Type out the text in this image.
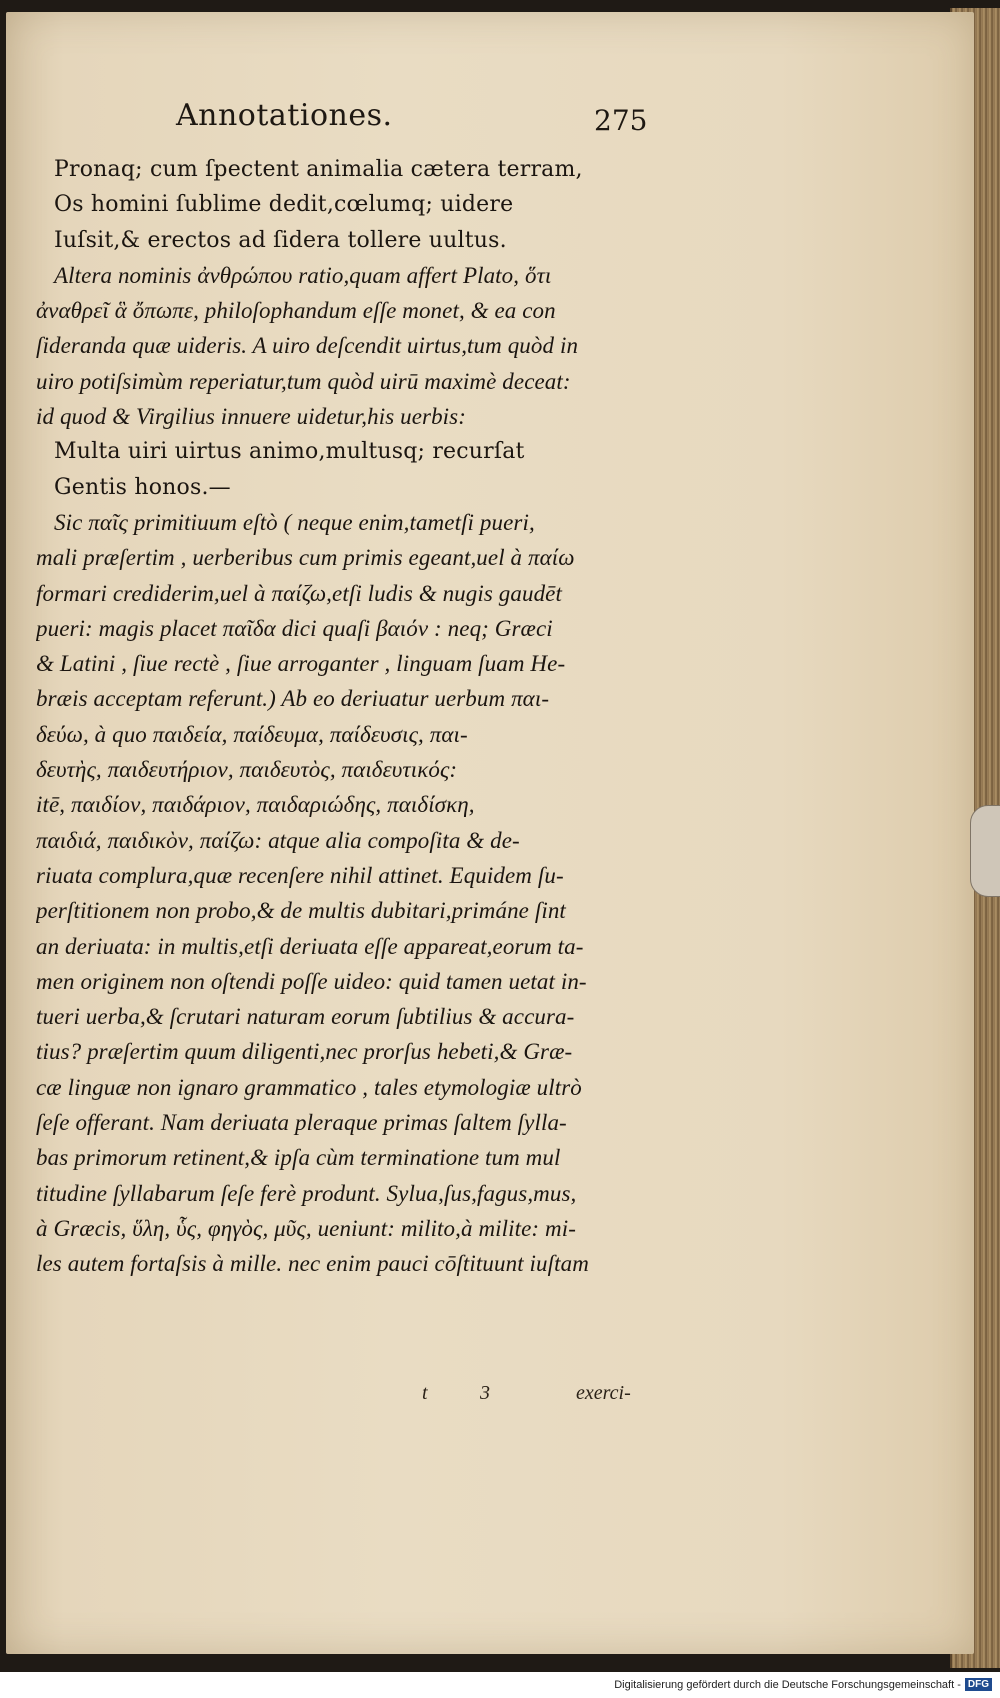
Annotationes.	275
Pronaq; cum ſpectent animalia cætera terram,
Os homini ſublime dedit,cœlumq; uidere
Iuſsit,& erectos ad ſidera tollere uultus.
Altera nominis ἀνθρώπου ratio,quam affert Plato, ὅτι
ἀναθρεῖ ἃ ὄπωπε, philoſophandum eſſe monet, & ea con
ſideranda quæ uideris. A uiro deſcendit uirtus,tum quòd in
uiro potiſsimùm reperiatur,tum quòd uirū maximè deceat:
id quod & Virgilius innuere uidetur,his uerbis:
Multa uiri uirtus animo,multusq; recurſat
Gentis honos.—
Sic παῖς primitiuum eſtò ( neque enim,tametſi pueri,
mali præſertim , uerberibus cum primis egeant,uel à παίω
formari crediderim,uel à παίζω,etſi ludis & nugis gaudēt
pueri: magis placet παῖδα dici quaſi βαιόν : neq; Græci
& Latini , ſiue rectè , ſiue arroganter , linguam ſuam He-
bræis acceptam referunt.) Ab eo deriuatur uerbum παι-
δεύω, à quo παιδεία, παίδευμα, παίδευσις, παι-
δευτὴς, παιδευτήριον, παιδευτὸς, παιδευτικός:
itē, παιδίον, παιδάριον, παιδαριώδης, παιδίσκη,
παιδιά, παιδικὸν, παίζω: atque alia compoſita & de-
riuata complura,quæ recenſere nihil attinet. Equidem ſu-
perſtitionem non probo,& de multis dubitari,primáne ſint
an deriuata: in multis,etſi deriuata eſſe appareat,eorum ta-
men originem non oſtendi poſſe uideo: quid tamen uetat in-
tueri uerba,& ſcrutari naturam eorum ſubtilius & accura-
tius? præſertim quum diligenti,nec prorſus hebeti,& Græ-
cæ linguæ non ignaro grammatico , tales etymologiæ ultrò
ſeſe offerant. Nam deriuata pleraque primas ſaltem ſylla-
bas primorum retinent,& ipſa cùm terminatione tum mul
titudine ſyllabarum ſeſe ferè produnt. Sylua,ſus,fagus,mus,
à Græcis, ὕλη, ὗς, φηγὸς, μῦς, ueniunt: milito,à milite: mi-
les autem fortaſsis à mille. nec enim pauci cōſtituunt iuſtam
t	3	exerci-
Digitalisierung gefördert durch die Deutsche Forschungsgemeinschaft - DFG
